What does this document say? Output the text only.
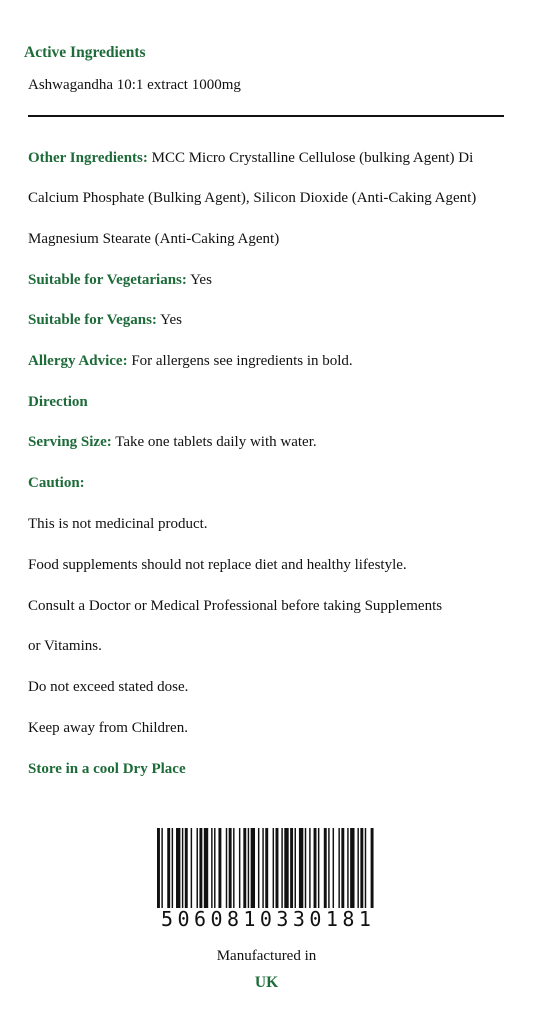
Active Ingredients
Ashwagandha 10:1 extract 1000mg
Other Ingredients: MCC Micro Crystalline Cellulose (bulking Agent) Di
Calcium Phosphate (Bulking Agent), Silicon Dioxide (Anti-Caking Agent)
Magnesium Stearate (Anti-Caking Agent)
Suitable for Vegetarians: Yes
Suitable for Vegans: Yes
Allergy Advice: For allergens see ingredients in bold.
Direction
Serving Size: Take one tablets daily with water.
Caution:
This is not medicinal product.
Food supplements should not replace diet and healthy lifestyle.
Consult a Doctor or Medical Professional before taking Supplements
or Vitamins.
Do not exceed stated dose.
Keep away from Children.
Store in a cool Dry Place
5 0 6 0 8 1 0 3 3 0 1 8 1
Manufactured in
UK
